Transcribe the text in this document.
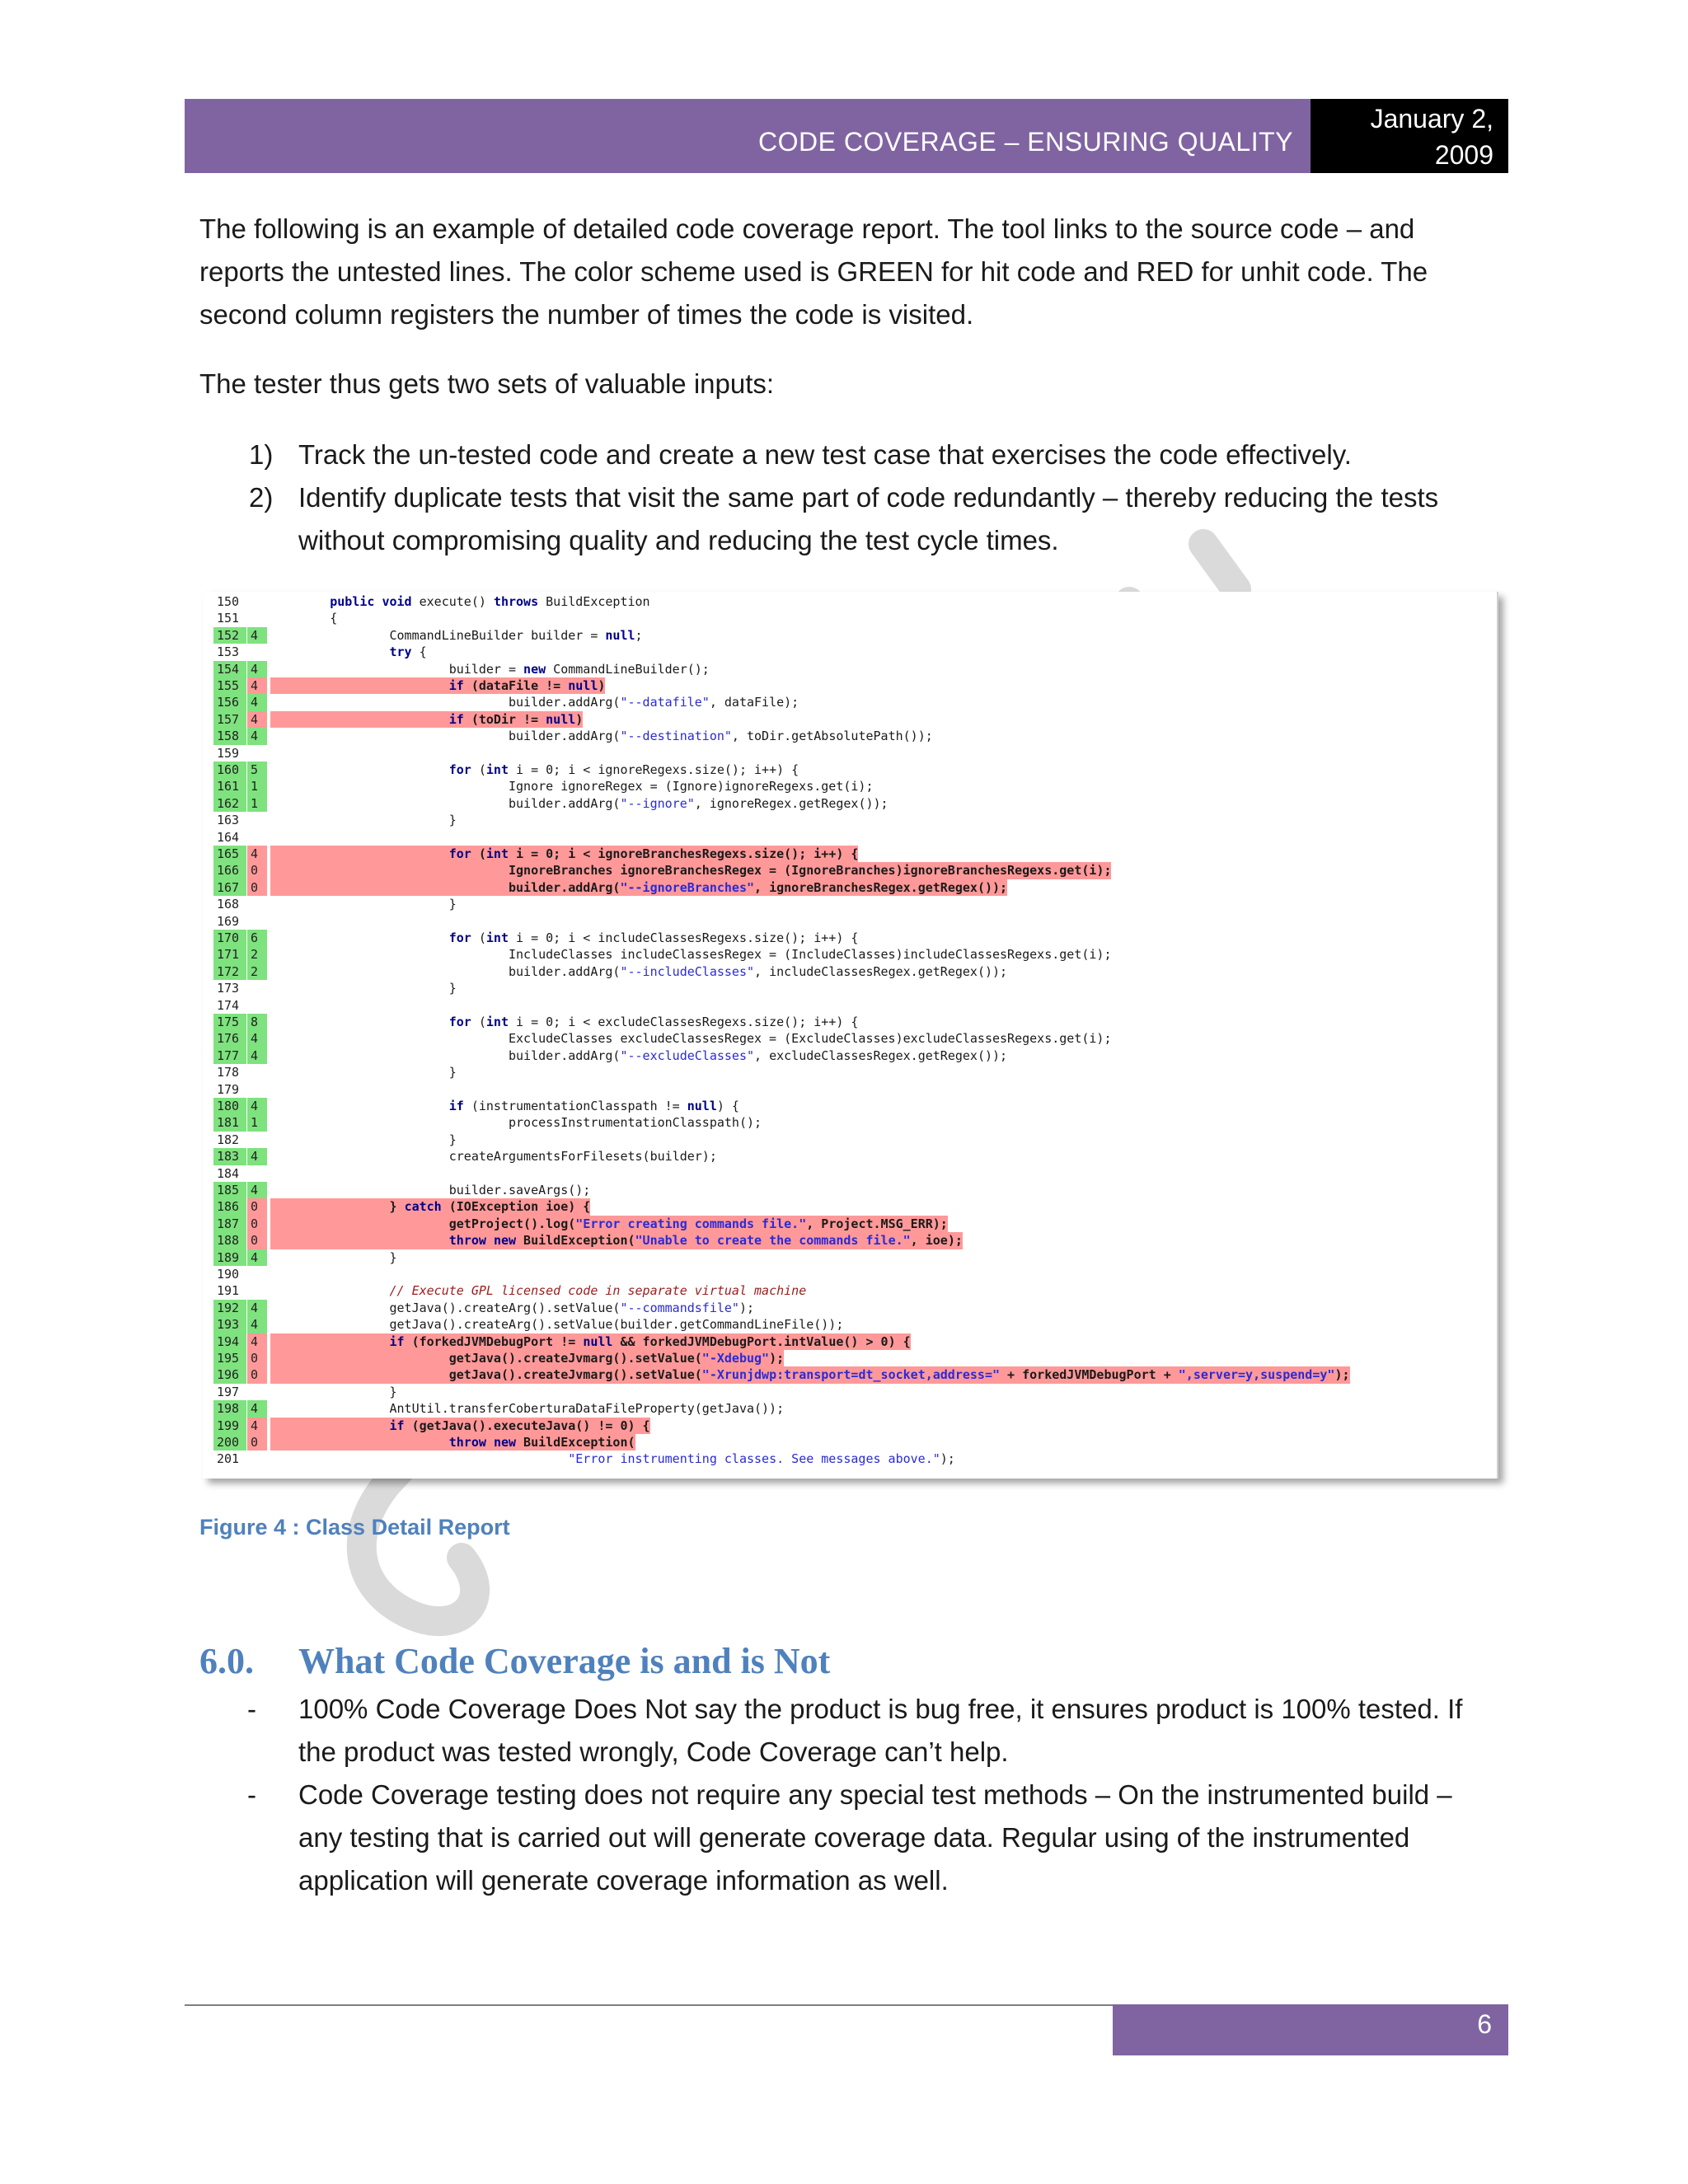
CODE COVERAGE – ENSURING QUALITY
January 2,
2009
The following is an example of detailed code coverage report. The tool links to the source code – and reports the untested lines. The color scheme used is GREEN for hit code and RED for unhit code. The second column registers the number of times the code is visited.
The tester thus gets two sets of valuable inputs:
1) Track the un-tested code and create a new test case that exercises the code effectively.
2) Identify duplicate tests that visit the same part of code redundantly – thereby reducing the tests without compromising quality and reducing the test cycle times.
150	public void execute() throws BuildException
151	{
152 4 CommandLineBuilder builder = null;
153	try {
154 4 builder = new CommandLineBuilder();
155 4	if (dataFile != null)
156 4 builder.addArg("--datafile", dataFile);
157 4	if (toDir != null)
158 4 builder.addArg("--destination", toDir.getAbsolutePath());
159
160 5	for (int i = 0; i < ignoreRegexs.size(); i++) {
161 1 Ignore ignoreRegex = (Ignore)ignoreRegexs.get(i);
162 1 builder.addArg("--ignore", ignoreRegex.getRegex());
163	}
164
165 4	for (int i = 0; i < ignoreBranchesRegexs.size(); i++) {
166 0 IgnoreBranches ignoreBranchesRegex = (IgnoreBranches)ignoreBranchesRegexs.get(i);
167 0 builder.addArg("--ignoreBranches", ignoreBranchesRegex.getRegex());
168	}
169
170 6	for (int i = 0; i < includeClassesRegexs.size(); i++) {
171 2 IncludeClasses includeClassesRegex = (IncludeClasses)includeClassesRegexs.get(i);
172 2 builder.addArg("--includeClasses", includeClassesRegex.getRegex());
173	}
174
175 8	for (int i = 0; i < excludeClassesRegexs.size(); i++) {
176 4 ExcludeClasses excludeClassesRegex = (ExcludeClasses)excludeClassesRegexs.get(i);
177 4 builder.addArg("--excludeClasses", excludeClassesRegex.getRegex());
178	}
179
180 4	if (instrumentationClasspath != null) {
181 1 processInstrumentationClasspath();
182	}
183 4 createArgumentsForFilesets(builder);
184
185 4 builder.saveArgs();
186 0 } catch (IOException ioe) {
187 0 getProject().log("Error creating commands file.", Project.MSG_ERR);
188 0	throw new BuildException("Unable to create the commands file.", ioe);
189 4 }
190
191	// Execute GPL licensed code in separate virtual machine
192 4 getJava().createArg().setValue("--commandsfile");
193 4 getJava().createArg().setValue(builder.getCommandLineFile());
194 4	if (forkedJVMDebugPort != null && forkedJVMDebugPort.intValue() > 0) {
195 0 getJava().createJvmarg().setValue("-Xdebug");
196 0 getJava().createJvmarg().setValue("-Xrunjdwp:transport=dt_socket,address=" + forkedJVMDebugPort + ",server=y,suspend=y");
197	}
198 4 AntUtil.transferCoberturaDataFileProperty(getJava());
199 4	if (getJava().executeJava() != 0) {
200 0	throw new BuildException(
201	"Error instrumenting classes. See messages above.");
Figure 4 : Class Detail Report
6.0. What Code Coverage is and is Not
- 100% Code Coverage Does Not say the product is bug free, it ensures product is 100% tested. If the product was tested wrongly, Code Coverage can’t help.
- Code Coverage testing does not require any special test methods – On the instrumented build – any testing that is carried out will generate coverage data. Regular using of the instrumented application will generate coverage information as well.
6
